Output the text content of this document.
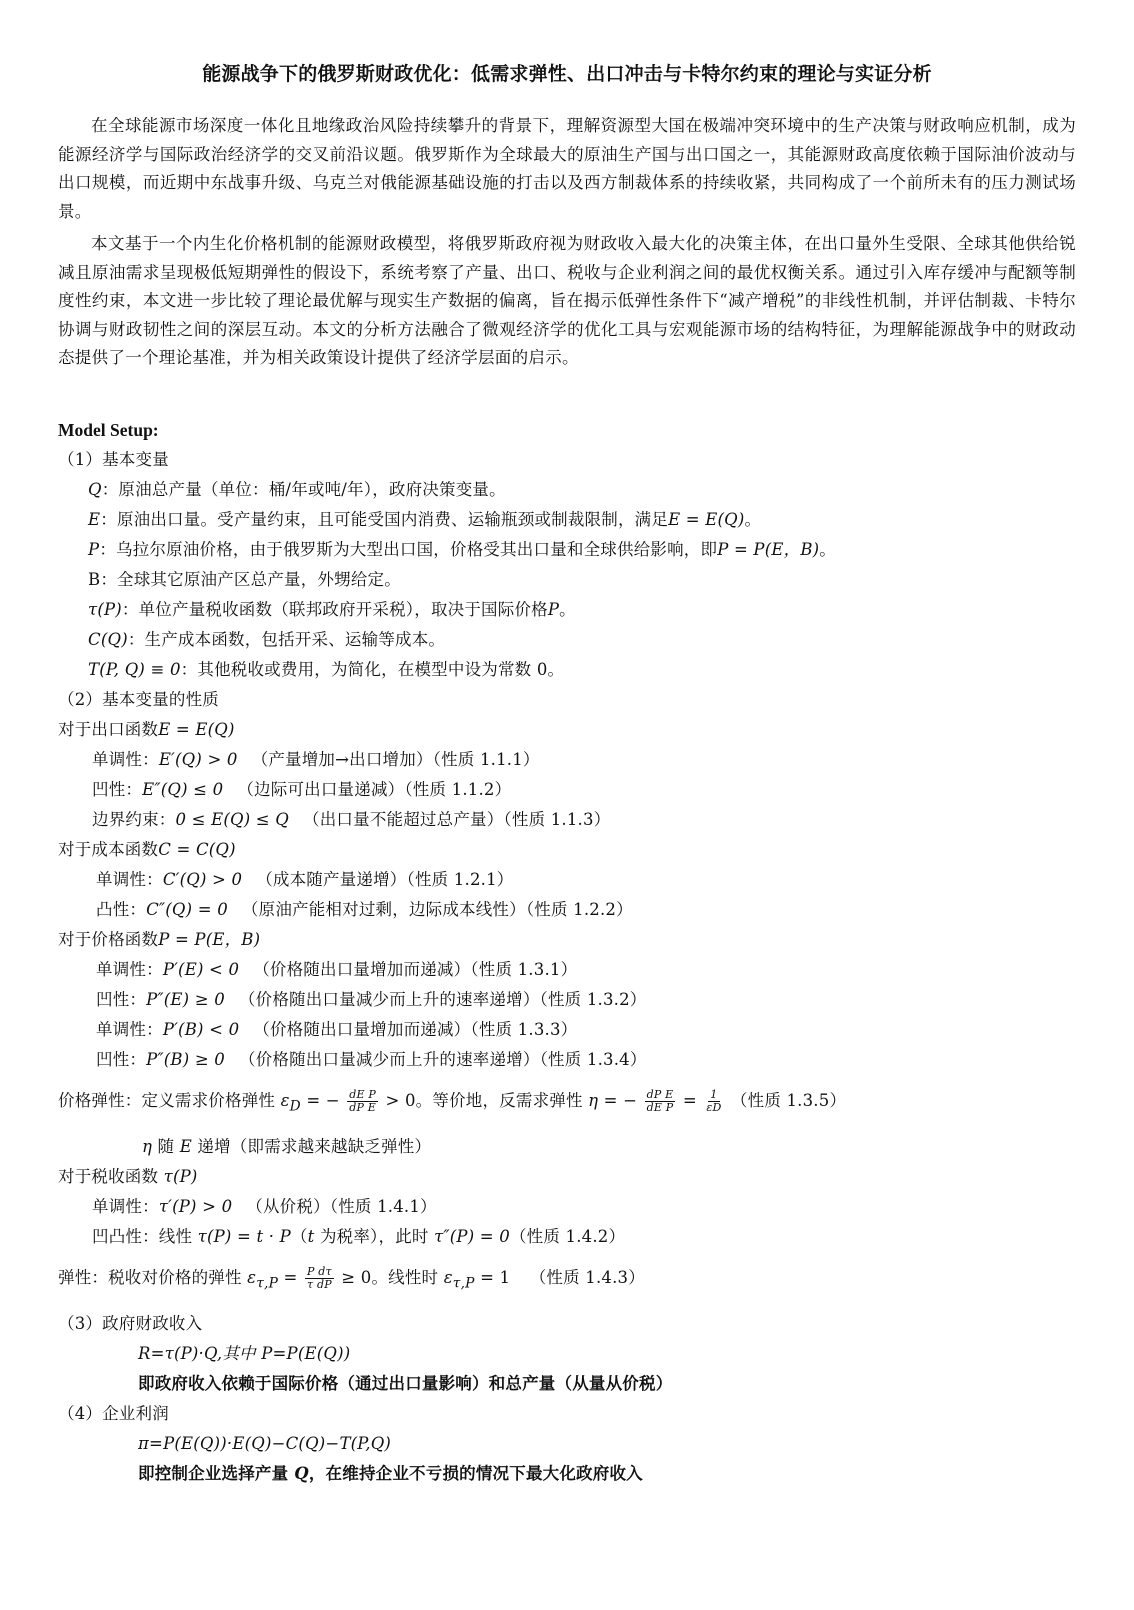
能源战争下的俄罗斯财政优化：低需求弹性、出口冲击与卡特尔约束的理论与实证分析

在全球能源市场深度一体化且地缘政治风险持续攀升的背景下，理解资源型大国在极端冲突环境中的生产决策与财政响应机制，成为能源经济学与国际政治经济学的交叉前沿议题。俄罗斯作为全球最大的原油生产国与出口国之一，其能源财政高度依赖于国际油价波动与出口规模，而近期中东战事升级、乌克兰对俄能源基础设施的打击以及西方制裁体系的持续收紧，共同构成了一个前所未有的压力测试场景。

本文基于一个内生化价格机制的能源财政模型，将俄罗斯政府视为财政收入最大化的决策主体，在出口量外生受限、全球其他供给锐减且原油需求呈现极低短期弹性的假设下，系统考察了产量、出口、税收与企业利润之间的最优权衡关系。通过引入库存缓冲与配额等制度性约束，本文进一步比较了理论最优解与现实生产数据的偏离，旨在揭示低弹性条件下“减产增税”的非线性机制，并评估制裁、卡特尔协调与财政韧性之间的深层互动。本文的分析方法融合了微观经济学的优化工具与宏观能源市场的结构特征，为理解能源战争中的财政动态提供了一个理论基准，并为相关政策设计提供了经济学层面的启示。

Model Setup:
（1）基本变量
Q：原油总产量（单位：桶/年或吨/年），政府决策变量。
E：原油出口量。受产量约束，且可能受国内消费、运输瓶颈或制裁限制，满足E = E(Q)。
P：乌拉尔原油价格，由于俄罗斯为大型出口国，价格受其出口量和全球供给影响，即P = P(E，B)。
B：全球其它原油产区总产量，外甥给定。
τ(P)：单位产量税收函数（联邦政府开采税），取决于国际价格P。
C(Q)：生产成本函数，包括开采、运输等成本。
T(P, Q) ≡ 0：其他税收或费用，为简化，在模型中设为常数 0。
（2）基本变量的性质
对于出口函数E = E(Q)
单调性：E′(Q) > 0 （产量增加→出口增加）（性质 1.1.1）
凹性：E″(Q) ≤ 0 （边际可出口量递减）（性质 1.1.2）
边界约束：0 ≤ E(Q) ≤ Q （出口量不能超过总产量）（性质 1.1.3）
对于成本函数C = C(Q)
单调性：C′(Q) > 0 （成本随产量递增）（性质 1.2.1）
凸性：C″(Q) = 0 （原油产能相对过剩，边际成本线性）（性质 1.2.2）
对于价格函数P = P(E，B)
单调性：P′(E) < 0 （价格随出口量增加而递减）（性质 1.3.1）
凹性：P″(E) ≥ 0 （价格随出口量减少而上升的速率递增）（性质 1.3.2）
单调性：P′(B) < 0 （价格随出口量增加而递减）（性质 1.3.3）
凹性：P″(B) ≥ 0 （价格随出口量减少而上升的速率递增）（性质 1.3.4）
价格弹性：定义需求价格弹性 $\varepsilon_D$ = − $\frac{\text{dE P}}{\text{dP E}} > 0$。等价地，反需求弹性 η = − $\frac{\text{dP E}}{\text{dE P}} = \frac{1}{\varepsilon D}$ （性质 1.3.5）
η 随 E 递增（即需求越来越缺乏弹性）
对于税收函数 τ(P)
单调性：τ′(P) > 0 （从价税）（性质 1.4.1）
凹凸性：线性 τ(P) = t · P（t 为税率），此时 τ″(P) = 0（性质 1.4.2）
弹性：税收对价格的弹性 $\varepsilon_{\tau,P} = \frac{\text{P dτ}}{\text{τ dP}} \ge 0$。线性时 $\varepsilon_{\tau,P} = 1$ （性质 1.4.3）
（3）政府财政收入
R=τ(P)·Q,其中 P=P(E(Q))
即政府收入依赖于国际价格（通过出口量影响）和总产量（从量从价税）
（4）企业利润
π=P(E(Q))·E(Q)−C(Q)−T(P,Q)
即控制企业选择产量 Q，在维持企业不亏损的情况下最大化政府收入
